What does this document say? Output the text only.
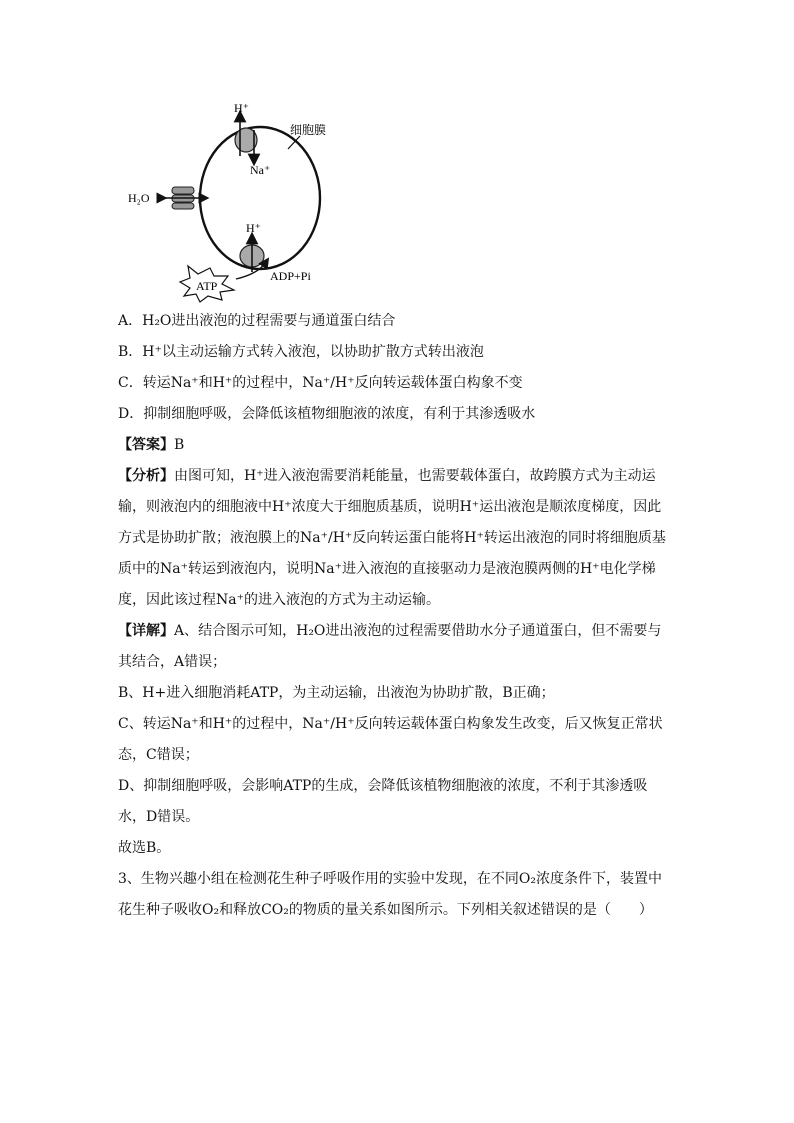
H⁺
细胞膜
Na⁺
H₂O
H⁺
ADP+Pi
ATP
A．H₂O进出液泡的过程需要与通道蛋白结合
B．H⁺以主动运输方式转入液泡，以协助扩散方式转出液泡
C．转运Na⁺和H⁺的过程中，Na⁺/H⁺反向转运载体蛋白构象不变
D．抑制细胞呼吸，会降低该植物细胞液的浓度，有利于其渗透吸水
【答案】B
【分析】由图可知，H⁺进入液泡需要消耗能量，也需要载体蛋白，故跨膜方式为主动运
输，则液泡内的细胞液中H⁺浓度大于细胞质基质，说明H⁺运出液泡是顺浓度梯度，因此
方式是协助扩散；液泡膜上的Na⁺/H⁺反向转运蛋白能将H⁺转运出液泡的同时将细胞质基
质中的Na⁺转运到液泡内，说明Na⁺进入液泡的直接驱动力是液泡膜两侧的H⁺电化学梯
度，因此该过程Na⁺的进入液泡的方式为主动运输。
【详解】A、结合图示可知，H₂O进出液泡的过程需要借助水分子通道蛋白，但不需要与
其结合，A错误；
B、H+进入细胞消耗ATP，为主动运输，出液泡为协助扩散，B正确；
C、转运Na⁺和H⁺的过程中，Na⁺/H⁺反向转运载体蛋白构象发生改变，后又恢复正常状
态，C错误；
D、抑制细胞呼吸，会影响ATP的生成，会降低该植物细胞液的浓度，不利于其渗透吸
水，D错误。
故选B。
3、生物兴趣小组在检测花生种子呼吸作用的实验中发现，在不同O₂浓度条件下，装置中
花生种子吸收O₂和释放CO₂的物质的量关系如图所示。下列相关叙述错误的是（　　）
